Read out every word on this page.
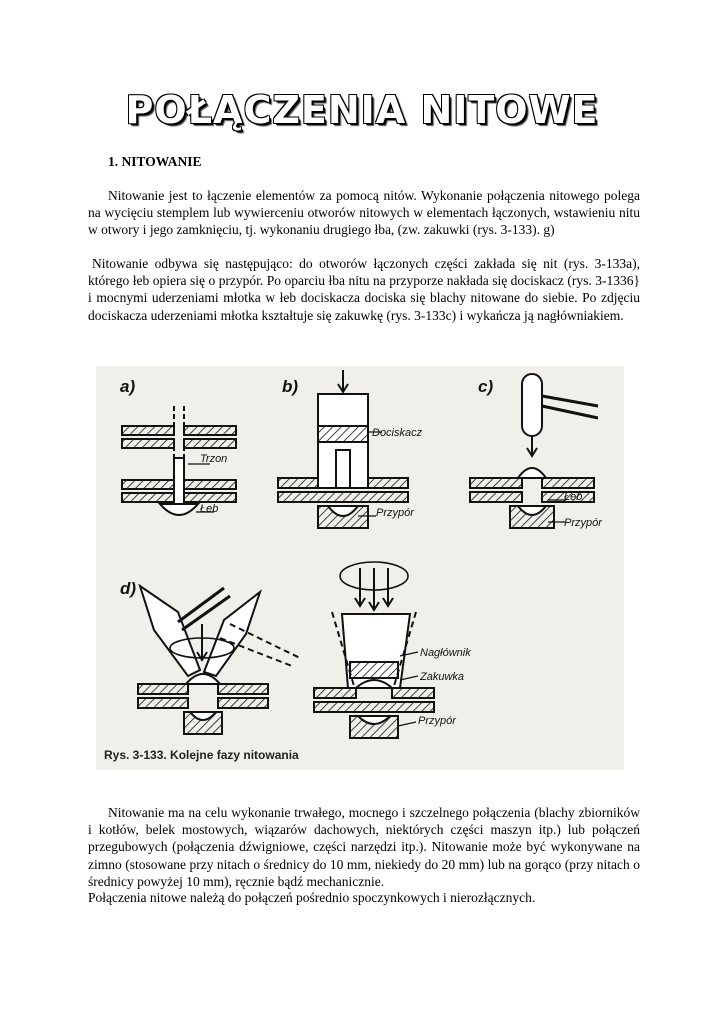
POŁĄCZENIA NITOWE
1. NITOWANIE
Nitowanie jest to łączenie elementów za pomocą nitów. Wykonanie połączenia nitowego polega na wycięciu stemplem lub wywierceniu otworów nitowych w elementach łączonych, wstawieniu nitu w otwory i jego zamknięciu, tj. wykonaniu drugiego łba, (zw. zakuwki (rys. 3-133). g)
Nitowanie odbywa się następująco: do otworów łączonych części zakłada się nit (rys. 3-133a), którego łeb opiera się o przypór. Po oparciu łba nitu na przyporze nakłada się dociskacz (rys. 3-1336} i mocnymi uderzeniami młotka w łeb dociskacza dociska się blachy nitowane do siebie. Po zdjęciu dociskacza uderzeniami młotka kształtuje się zakuwkę (rys. 3-133c) i wykańcza ją nagłówniakiem.
a)
Trzon
Łeb
b)
Dociskacz
Przypór
c)
Łeb
Przypór
d)
Nagłównik
Zakuwka
Przypór
Rys. 3-133. Kolejne fazy nitowania
Nitowanie ma na celu wykonanie trwałego, mocnego i szczelnego połączenia (blachy zbiorników i kotłów, belek mostowych, wiązarów dachowych, niektórych części maszyn itp.) lub połączeń przegubowych (połączenia dźwigniowe, części narzędzi itp.). Nitowanie może być wykonywane na zimno (stosowane przy nitach o średnicy do 10 mm, niekiedy do 20 mm) lub na gorąco (przy nitach o średnicy powyżej 10 mm), ręcznie bądź mechanicznie.
Połączenia nitowe należą do połączeń pośrednio spoczynkowych i nierozłącznych.
